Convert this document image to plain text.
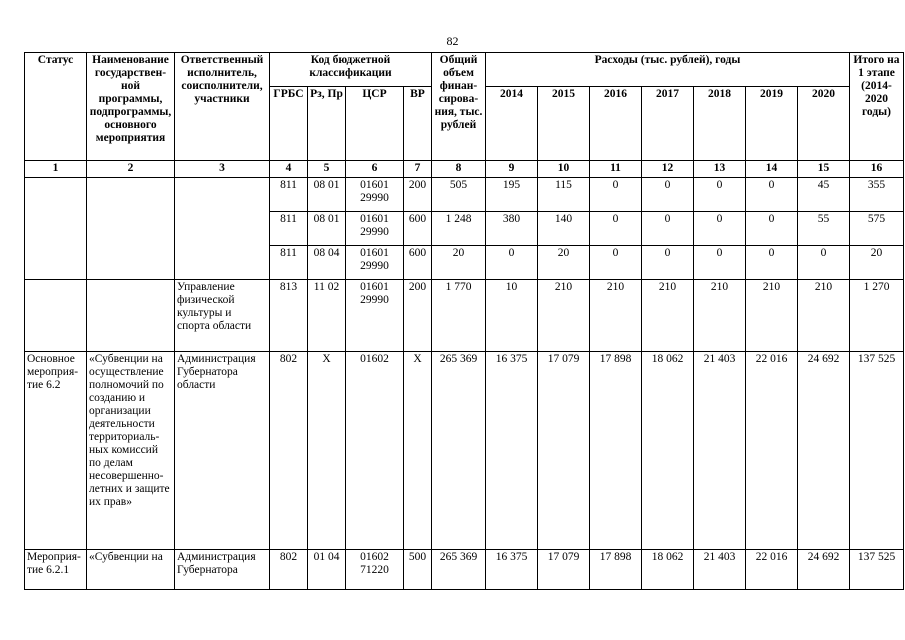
82
Статус	Наименование государствен-ной программы, подпрограммы, основного мероприятия	Ответственный исполнитель, соисполнители, участники	Код бюджетной классификации				Общий объем финан-сирова-ния, тыс. рублей	Расходы (тыс. рублей), годы							Итого на 1 этапе (2014-2020 годы)
			ГРБС	Рз, Пр	ЦСР	ВР		2014	2015	2016	2017	2018	2019	2020	
1	2	3	4	5	6	7	8	9	10	11	12	13	14	15	16
			811	08 01	01601 29990	200	505	195	115	0	0	0	0	45	355
			811	08 01	01601 29990	600	1 248	380	140	0	0	0	0	55	575
			811	08 04	01601 29990	600	20	0	20	0	0	0	0	0	20
		Управление физической культуры и спорта области	813	11 02	01601 29990	200	1 770	10	210	210	210	210	210	210	1 270
Основное мероприя-тие 6.2	«Субвенции на осуществление полномочий по созданию и организации деятельности территориаль-ных комиссий по делам несовершенно-летних и защите их прав»	Администрация Губернатора области	802	Х	01602	Х	265 369	16 375	17 079	17 898	18 062	21 403	22 016	24 692	137 525
Мероприя-тие 6.2.1	«Субвенции на	Администрация Губернатора	802	01 04	01602 71220	500	265 369	16 375	17 079	17 898	18 062	21 403	22 016	24 692	137 525
